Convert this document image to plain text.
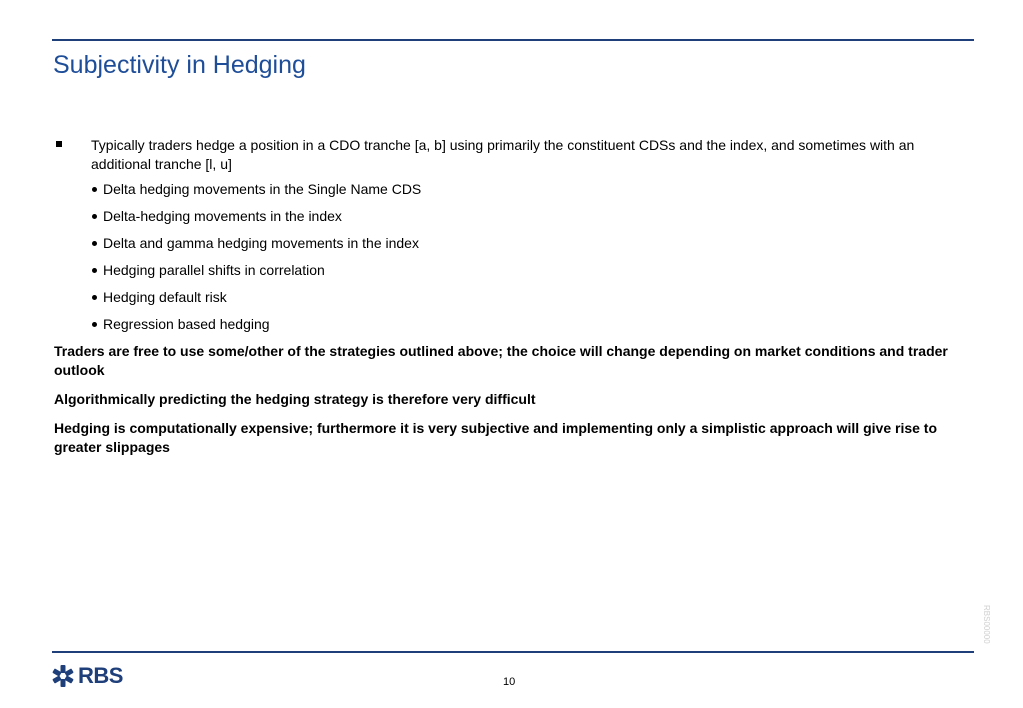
Subjectivity in Hedging
Typically traders hedge a position in a CDO tranche [a, b] using primarily the constituent CDSs and the index, and sometimes with an additional tranche [l, u]
Delta hedging movements in the Single Name CDS
Delta-hedging movements in the index
Delta and gamma hedging movements in the index
Hedging parallel shifts in correlation
Hedging default risk
Regression based hedging

Traders are free to use some/other of the strategies outlined above; the choice will change depending on market conditions and trader outlook

Algorithmically predicting the hedging strategy is therefore very difficult

Hedging is computationally expensive; furthermore it is very subjective and implementing only a simplistic approach will give rise to greater slippages

RBS00000
RBS	10
